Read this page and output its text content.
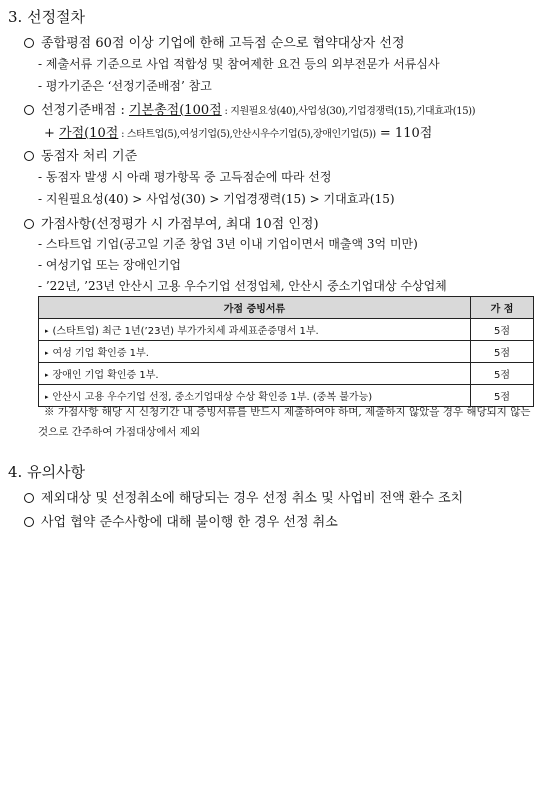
3. 선정절차
종합평점 60점 이상 기업에 한해 고득점 순으로 협약대상자 선정
- 제출서류 기준으로 사업 적합성 및 참여제한 요건 등의 외부전문가 서류심사
- 평가기준은 ‘선정기준배점’ 참고
선정기준배점 : 기본총점(100점 : 지원필요성(40),사업성(30),기업경쟁력(15),기대효과(15))
+ 가점(10점 : 스타트업(5),여성기업(5),안산시우수기업(5),장애인기업(5)) = 110점
동점자 처리 기준
- 동점자 발생 시 아래 평가항목 중 고득점순에 따라 선정
- 지원필요성(40) > 사업성(30) > 기업경쟁력(15) > 기대효과(15)
가점사항(선정평가 시 가점부여, 최대 10점 인정)
- 스타트업 기업(공고일 기준 창업 3년 이내 기업이면서 매출액 3억 미만)
- 여성기업 또는 장애인기업
- ’22년, ’23년 안산시 고용 우수기업 선정업체, 안산시 중소기업대상 수상업체
가점 증빙서류	가 점
▸ (스타트업) 최근 1년(’23년) 부가가치세 과세표준증명서 1부.	5점
▸ 여성 기업 확인증 1부.	5점
▸ 장애인 기업 확인증 1부.	5점
▸ 안산시 고용 우수기업 선정, 중소기업대상 수상 확인증 1부. (중복 불가능)	5점
※ 가점사항 해당 시 신청기간 내 증빙서류를 반드시 제출하여야 하며, 제출하지 않았을 경우 해당되지 않는 것으로 간주하여 가점대상에서 제외
4. 유의사항
제외대상 및 선정취소에 해당되는 경우 선정 취소 및 사업비 전액 환수 조치
사업 협약 준수사항에 대해 불이행 한 경우 선정 취소
